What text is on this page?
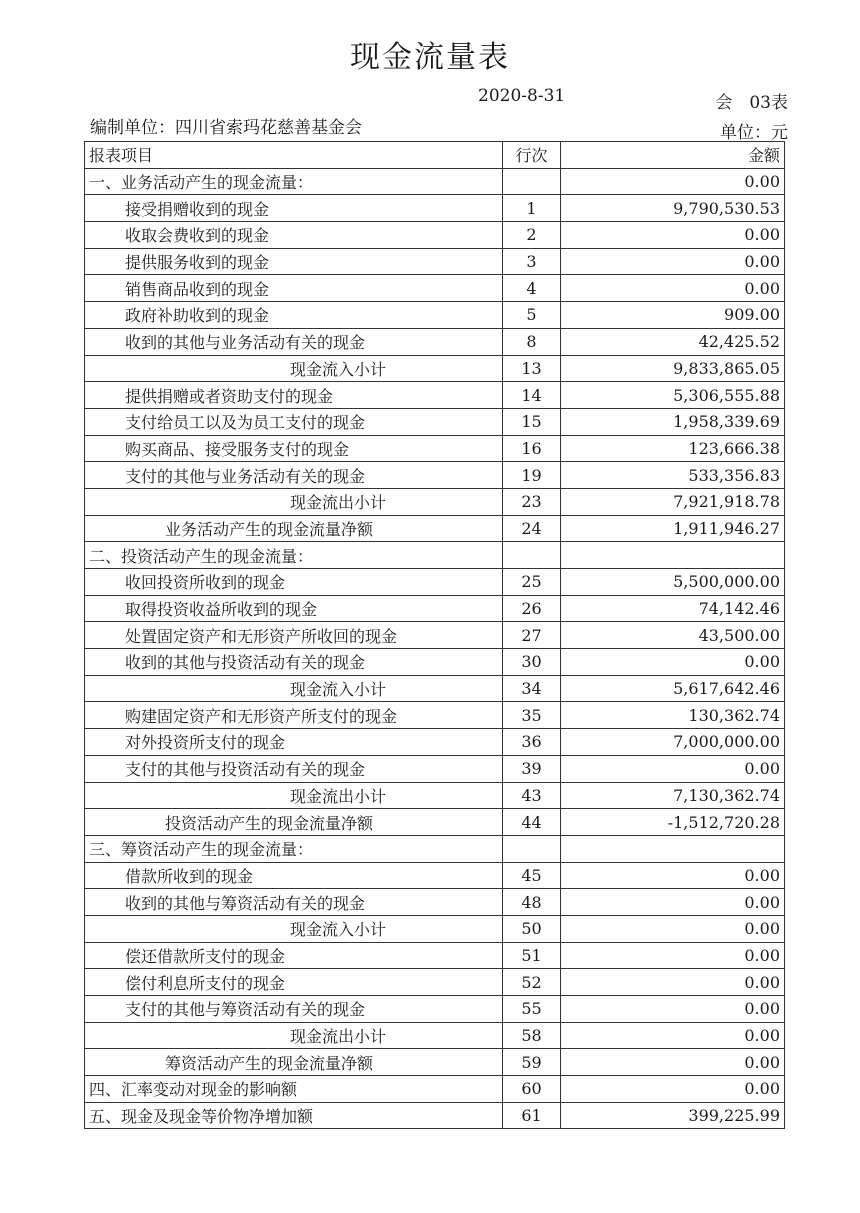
现金流量表
2020-8-31	会　03表
编制单位：四川省索玛花慈善基金会	单位：元
报表项目	行次	金额
一、业务活动产生的现金流量：		0.00
接受捐赠收到的现金	1	9,790,530.53
收取会费收到的现金	2	0.00
提供服务收到的现金	3	0.00
销售商品收到的现金	4	0.00
政府补助收到的现金	5	909.00
收到的其他与业务活动有关的现金	8	42,425.52
现金流入小计	13	9,833,865.05
提供捐赠或者资助支付的现金	14	5,306,555.88
支付给员工以及为员工支付的现金	15	1,958,339.69
购买商品、接受服务支付的现金	16	123,666.38
支付的其他与业务活动有关的现金	19	533,356.83
现金流出小计	23	7,921,918.78
业务活动产生的现金流量净额	24	1,911,946.27
二、投资活动产生的现金流量：		
收回投资所收到的现金	25	5,500,000.00
取得投资收益所收到的现金	26	74,142.46
处置固定资产和无形资产所收回的现金	27	43,500.00
收到的其他与投资活动有关的现金	30	0.00
现金流入小计	34	5,617,642.46
购建固定资产和无形资产所支付的现金	35	130,362.74
对外投资所支付的现金	36	7,000,000.00
支付的其他与投资活动有关的现金	39	0.00
现金流出小计	43	7,130,362.74
投资活动产生的现金流量净额	44	-1,512,720.28
三、筹资活动产生的现金流量：		
借款所收到的现金	45	0.00
收到的其他与筹资活动有关的现金	48	0.00
现金流入小计	50	0.00
偿还借款所支付的现金	51	0.00
偿付利息所支付的现金	52	0.00
支付的其他与筹资活动有关的现金	55	0.00
现金流出小计	58	0.00
筹资活动产生的现金流量净额	59	0.00
四、汇率变动对现金的影响额	60	0.00
五、现金及现金等价物净增加额	61	399,225.99
